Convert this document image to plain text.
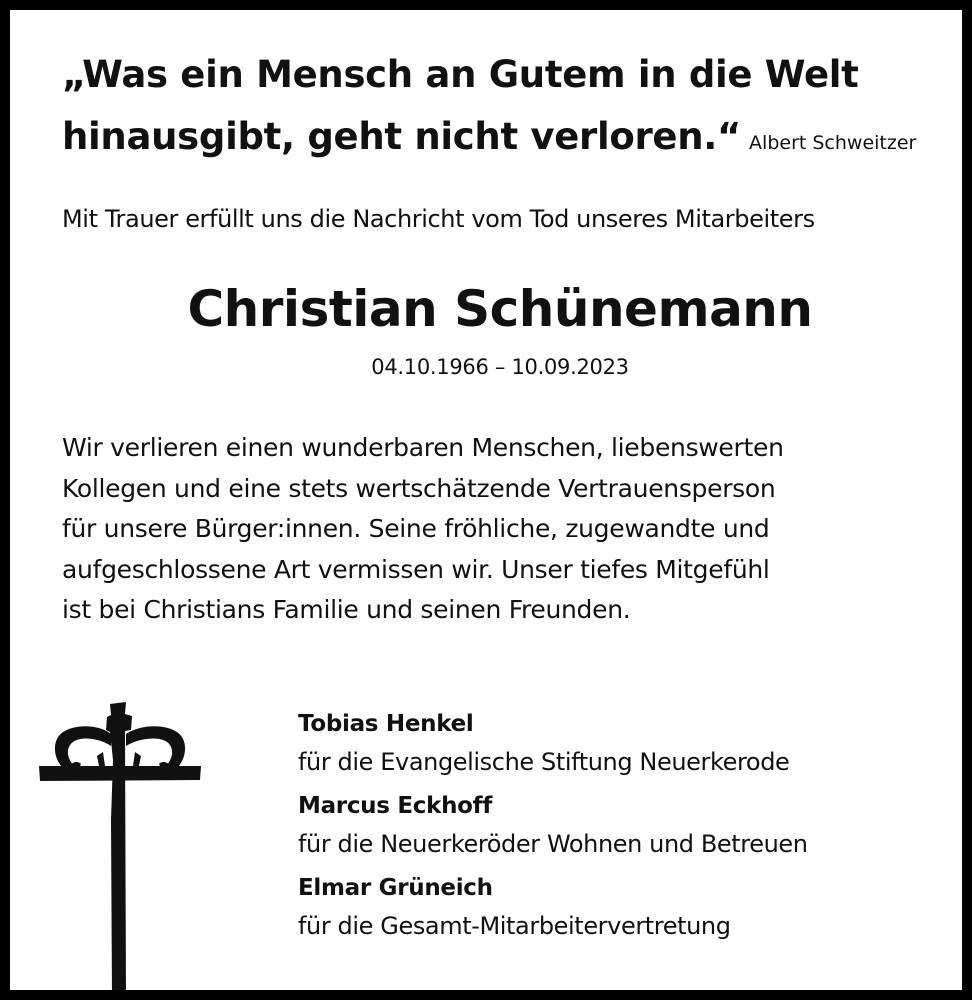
„Was ein Mensch an Gutem in die Welt
hinausgibt, geht nicht verloren.“ Albert Schweitzer
Mit Trauer erfüllt uns die Nachricht vom Tod unseres Mitarbeiters
Christian Schünemann
04.10.1966 – 10.09.2023
Wir verlieren einen wunderbaren Menschen, liebenswerten
Kollegen und eine stets wertschätzende Vertrauensperson
für unsere Bürger:innen. Seine fröhliche, zugewandte und
aufgeschlossene Art vermissen wir. Unser tiefes Mitgefühl
ist bei Christians Familie und seinen Freunden.
Tobias Henkel
für die Evangelische Stiftung Neuerkerode
Marcus Eckhoff
für die Neuerkeröder Wohnen und Betreuen
Elmar Grüneich
für die Gesamt-Mitarbeitervertretung
